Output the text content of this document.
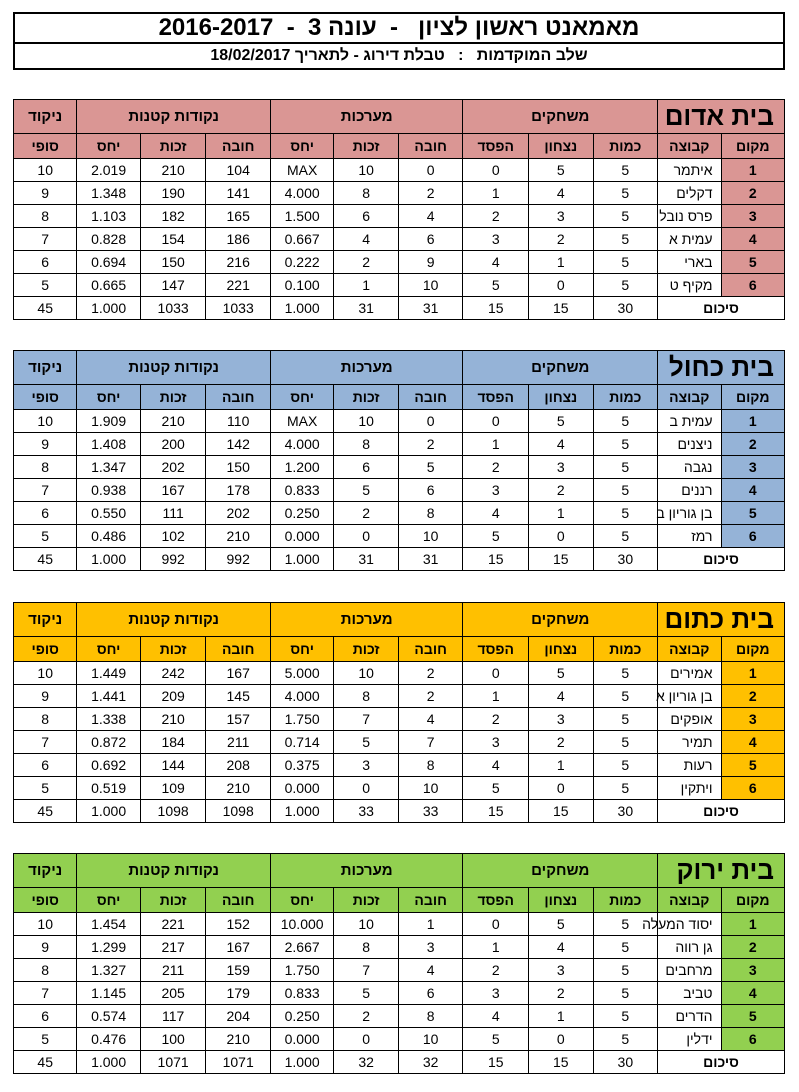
מאמאנט ראשון לציון   -  עונה 3  -  2016-2017
שלב המוקדמות   :   טבלת דירוג - לתאריך 18/02/2017
ניקוד	נקודות קטנות			מערכות			משחקים			בית אדום	
סופי	יחס	זכות	חובה	יחס	זכות	חובה	הפסד	נצחון	כמות	קבוצה	מקום
10	2.019	210	104	MAX	10	0	0	5	5	איתמר	1
9	1.348	190	141	4.000	8	2	1	4	5	דקלים	2
8	1.103	182	165	1.500	6	4	2	3	5	פרס נובל	3
7	0.828	154	186	0.667	4	6	3	2	5	עמית א	4
6	0.694	150	216	0.222	2	9	4	1	5	בארי	5
5	0.665	147	221	0.100	1	10	5	0	5	מקיף ט	6
45	1.000	1033	1033	1.000	31	31	15	15	30	סיכום	
ניקוד	נקודות קטנות			מערכות			משחקים			בית כחול	
סופי	יחס	זכות	חובה	יחס	זכות	חובה	הפסד	נצחון	כמות	קבוצה	מקום
10	1.909	210	110	MAX	10	0	0	5	5	עמית ב	1
9	1.408	200	142	4.000	8	2	1	4	5	ניצנים	2
8	1.347	202	150	1.200	6	5	2	3	5	נגבה	3
7	0.938	167	178	0.833	5	6	3	2	5	רננים	4
6	0.550	111	202	0.250	2	8	4	1	5	בן גוריון ב	5
5	0.486	102	210	0.000	0	10	5	0	5	רמז	6
45	1.000	992	992	1.000	31	31	15	15	30	סיכום	
ניקוד	נקודות קטנות			מערכות			משחקים			בית כתום	
סופי	יחס	זכות	חובה	יחס	זכות	חובה	הפסד	נצחון	כמות	קבוצה	מקום
10	1.449	242	167	5.000	10	2	0	5	5	אמירים	1
9	1.441	209	145	4.000	8	2	1	4	5	בן גוריון א	2
8	1.338	210	157	1.750	7	4	2	3	5	אופקים	3
7	0.872	184	211	0.714	5	7	3	2	5	תמיר	4
6	0.692	144	208	0.375	3	8	4	1	5	רעות	5
5	0.519	109	210	0.000	0	10	5	0	5	ויתקין	6
45	1.000	1098	1098	1.000	33	33	15	15	30	סיכום	
ניקוד	נקודות קטנות			מערכות			משחקים			בית ירוק	
סופי	יחס	זכות	חובה	יחס	זכות	חובה	הפסד	נצחון	כמות	קבוצה	מקום
10	1.454	221	152	10.000	10	1	0	5	5	יסוד המעלה	1
9	1.299	217	167	2.667	8	3	1	4	5	גן רווה	2
8	1.327	211	159	1.750	7	4	2	3	5	מרחבים	3
7	1.145	205	179	0.833	5	6	3	2	5	טביב	4
6	0.574	117	204	0.250	2	8	4	1	5	הדרים	5
5	0.476	100	210	0.000	0	10	5	0	5	ידלין	6
45	1.000	1071	1071	1.000	32	32	15	15	30	סיכום	
